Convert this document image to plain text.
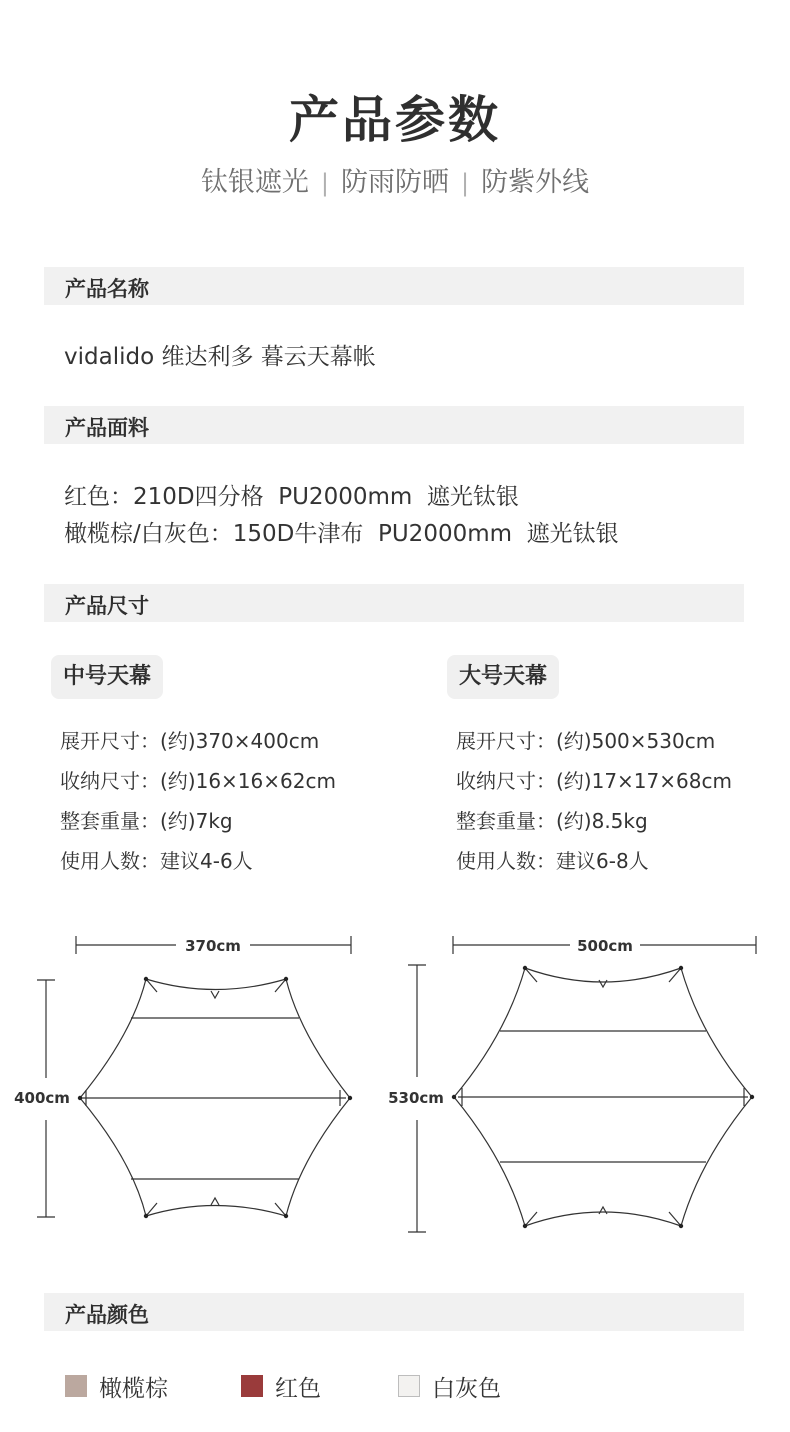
产品参数
钛银遮光 | 防雨防晒 | 防紫外线
产品名称
vidalido 维达利多 暮云天幕帐
产品面料
红色：210D四分格  PU2000mm  遮光钛银
橄榄棕/白灰色：150D牛津布  PU2000mm  遮光钛银
产品尺寸
中号天幕	大号天幕
展开尺寸：(约)370×400cm
收纳尺寸：(约)16×16×62cm
整套重量：(约)7kg
使用人数：建议4-6人
展开尺寸：(约)500×530cm
收纳尺寸：(约)17×17×68cm
整套重量：(约)8.5kg
使用人数：建议6-8人
370cm
400cm
500cm
530cm
产品颜色
橄榄棕	红色	白灰色
